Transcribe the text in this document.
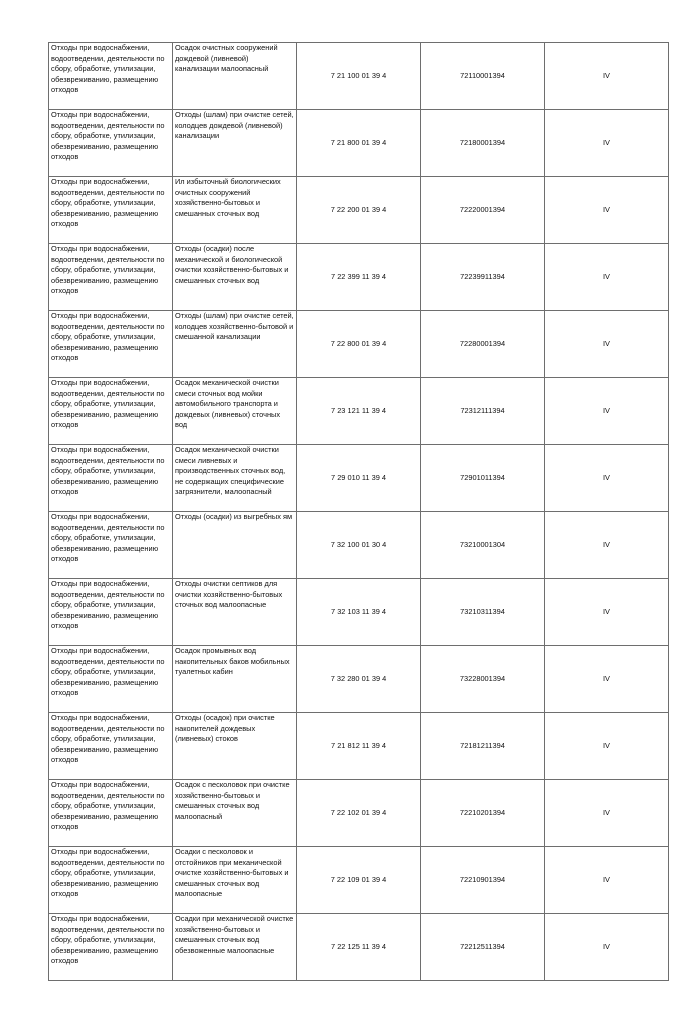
Отходы при водоснабжении, водоотведении, деятельности по сбору, обработке, утилизации, обезвреживанию, размещению отходов	Осадок очистных сооружений дождевой (ливневой) канализации малоопасный	7 21 100 01 39 4	72110001394	IV
Отходы при водоснабжении, водоотведении, деятельности по сбору, обработке, утилизации, обезвреживанию, размещению отходов	Отходы (шлам) при очистке сетей, колодцев дождевой (ливневой) канализации	7 21 800 01 39 4	72180001394	IV
Отходы при водоснабжении, водоотведении, деятельности по сбору, обработке, утилизации, обезвреживанию, размещению отходов	Ил избыточный биологических очистных сооружений хозяйственно-бытовых и смешанных сточных вод	7 22 200 01 39 4	72220001394	IV
Отходы при водоснабжении, водоотведении, деятельности по сбору, обработке, утилизации, обезвреживанию, размещению отходов	Отходы (осадки) после механической и биологической очистки хозяйственно-бытовых и смешанных сточных вод	7 22 399 11 39 4	72239911394	IV
Отходы при водоснабжении, водоотведении, деятельности по сбору, обработке, утилизации, обезвреживанию, размещению отходов	Отходы (шлам) при очистке сетей, колодцев хозяйственно-бытовой и смешанной канализации	7 22 800 01 39 4	72280001394	IV
Отходы при водоснабжении, водоотведении, деятельности по сбору, обработке, утилизации, обезвреживанию, размещению отходов	Осадок механической очистки смеси сточных вод мойки автомобильного транспорта и дождевых (ливневых) сточных вод	7 23 121 11 39 4	72312111394	IV
Отходы при водоснабжении, водоотведении, деятельности по сбору, обработке, утилизации, обезвреживанию, размещению отходов	Осадок механической очистки смеси ливневых и производственных сточных вод, не содержащих специфические загрязнители, малоопасный	7 29 010 11 39 4	72901011394	IV
Отходы при водоснабжении, водоотведении, деятельности по сбору, обработке, утилизации, обезвреживанию, размещению отходов	Отходы (осадки) из выгребных ям	7 32 100 01 30 4	73210001304	IV
Отходы при водоснабжении, водоотведении, деятельности по сбору, обработке, утилизации, обезвреживанию, размещению отходов	Отходы очистки септиков для очистки хозяйственно-бытовых сточных вод малоопасные	7 32 103 11 39 4	73210311394	IV
Отходы при водоснабжении, водоотведении, деятельности по сбору, обработке, утилизации, обезвреживанию, размещению отходов	Осадок промывных вод накопительных баков мобильных туалетных кабин	7 32 280 01 39 4	73228001394	IV
Отходы при водоснабжении, водоотведении, деятельности по сбору, обработке, утилизации, обезвреживанию, размещению отходов	Отходы (осадок) при очистке накопителей дождевых (ливневых) стоков	7 21 812 11 39 4	72181211394	IV
Отходы при водоснабжении, водоотведении, деятельности по сбору, обработке, утилизации, обезвреживанию, размещению отходов	Осадок с песколовок при очистке хозяйственно-бытовых и смешанных сточных вод малоопасный	7 22 102 01 39 4	72210201394	IV
Отходы при водоснабжении, водоотведении, деятельности по сбору, обработке, утилизации, обезвреживанию, размещению отходов	Осадки с песколовок и отстойников при механической очистке хозяйственно-бытовых и смешанных сточных вод малоопасные	7 22 109 01 39 4	72210901394	IV
Отходы при водоснабжении, водоотведении, деятельности по сбору, обработке, утилизации, обезвреживанию, размещению отходов	Осадки при механической очистке хозяйственно-бытовых и смешанных сточных вод обезвоженные малоопасные	7 22 125 11 39 4	72212511394	IV
